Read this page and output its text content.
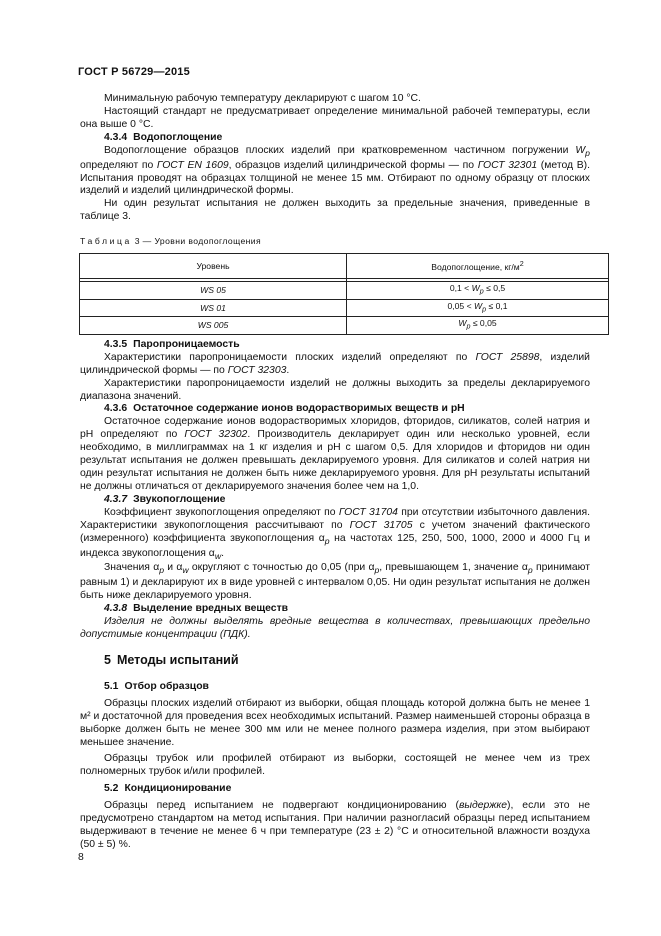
ГОСТ Р 56729—2015

Минимальную рабочую температуру декларируют с шагом 10 °С.

Настоящий стандарт не предусматривает определение минимальной рабочей температуры, если она выше 0 °С.

4.3.4 Водопоглощение

Водопоглощение образцов плоских изделий при кратковременном частичном погружении $W_p$ определяют по ГОСТ EN 1609, образцов изделий цилиндрической формы — по ГОСТ 32301 (метод В). Испытания проводят на образцах толщиной не менее 15 мм. Отбирают по одному образцу от плоских изделий и изделий цилиндрической формы.

Ни один результат испытания не должен выходить за предельные значения, приведенные в таблице 3.

Таблица 3 — Уровни водопоглощения
Уровень	Водопоглощение, $кг/м^2$

WS 05	$0,1 < W_p \le 0,5$
WS 01	$0,05 < W_p \le 0,1$
WS 005	$W_p \le 0,05$

4.3.5 Паропроницаемость

Характеристики паропроницаемости плоских изделий определяют по ГОСТ 25898, изделий цилиндрической формы — по ГОСТ 32303.

Характеристики паропроницаемости изделий не должны выходить за пределы декларируемого диапазона значений.

4.3.6 Остаточное содержание ионов водорастворимых веществ и pH

Остаточное содержание ионов водорастворимых хлоридов, фторидов, силикатов, солей натрия и pH определяют по ГОСТ 32302. Производитель декларирует один или несколько уровней, если необходимо, в миллиграммах на 1 кг изделия и pH с шагом 0,5. Для хлоридов и фторидов ни один результат испытания не должен превышать декларируемого уровня. Для силикатов и солей натрия ни один результат испытания не должен быть ниже декларируемого уровня. Для pH результаты испытаний не должны отличаться от декларируемого значения более чем на 1,0.

4.3.7 Звукопоглощение

Коэффициент звукопоглощения определяют по ГОСТ 31704 при отсутствии избыточного давления. Характеристики звукопоглощения рассчитывают по ГОСТ 31705 с учетом значений фактического (измеренного) коэффициента звукопоглощения $\alpha_p$ на частотах 125, 250, 500, 1000, 2000 и 4000 Гц и индекса звукопоглощения $\alpha_w$.

Значения $\alpha_p$ и $\alpha_w$ округляют с точностью до 0,05 (при $\alpha_p$, превышающем 1, значение $\alpha_p$ принимают равным 1) и декларируют их в виде уровней с интервалом 0,05. Ни один результат испытания не должен быть ниже декларируемого уровня.

4.3.8 Выделение вредных веществ

Изделия не должны выделять вредные вещества в количествах, превышающих предельно допустимые концентрации (ПДК).

5 Методы испытаний

5.1 Отбор образцов

Образцы плоских изделий отбирают из выборки, общая площадь которой должна быть не менее 1 м² и достаточной для проведения всех необходимых испытаний. Размер наименьшей стороны образца в выборке должен быть не менее 300 мм или не менее полного размера изделия, при этом выбирают меньшее значение.

Образцы трубок или профилей отбирают из выборки, состоящей не менее чем из трех полномерных трубок и/или профилей.

5.2 Кондиционирование

Образцы перед испытанием не подвергают кондиционированию (выдержке), если это не предусмотрено стандартом на метод испытания. При наличии разногласий образцы перед испытанием выдерживают в течение не менее 6 ч при температуре (23 ± 2) °С и относительной влажности воздуха (50 ± 5) %.

8
